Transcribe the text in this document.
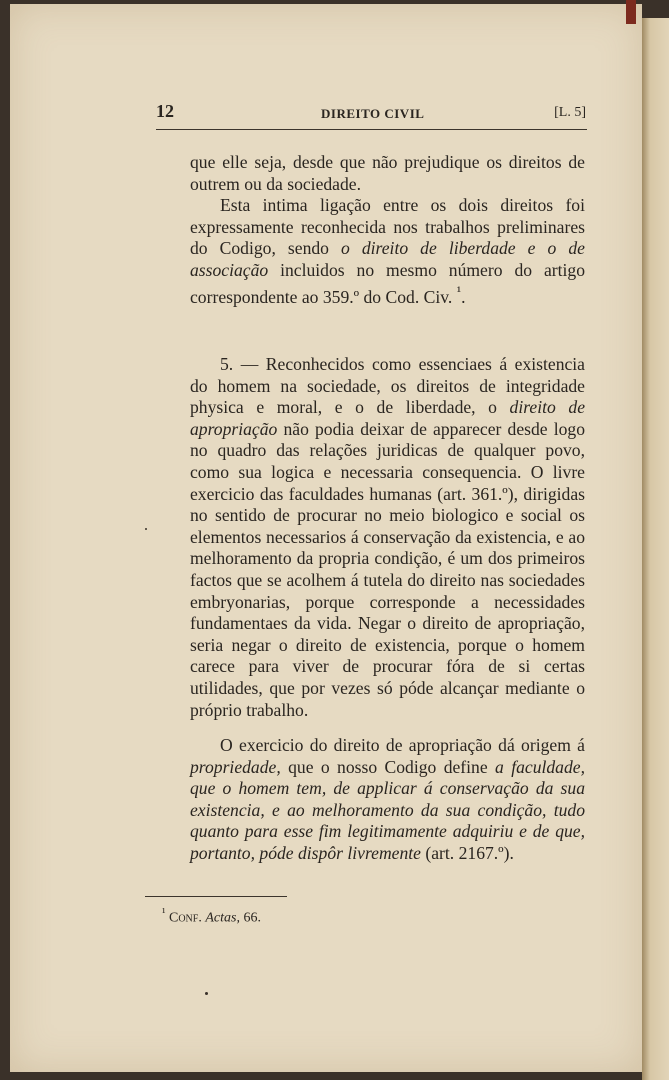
12	DIREITO CIVIL	[L. 5]

que elle seja, desde que não prejudique os direitos de outrem ou da sociedade.

Esta intima ligação entre os dois direitos foi expressamente reconhecida nos trabalhos preliminares do Codigo, sendo o direito de liberdade e o de associação incluidos no mesmo número do artigo correspondente ao 359.º do Cod. Civ. $^{^1}$.

5. — Reconhecidos como essenciaes á existencia do homem na sociedade, os direitos de integridade physica e moral, e o de liberdade, o direito de apropriação não podia deixar de apparecer desde logo no quadro das relações juridicas de qualquer povo, como sua logica e necessaria consequencia. O livre exercicio das faculdades humanas (art. 361.º), dirigidas no sentido de procurar no meio biologico e social os elementos necessarios á conservação da existencia, e ao melhoramento da propria condição, é um dos primeiros factos que se acolhem á tutela do direito nas sociedades embryonarias, porque corresponde a necessidades fundamentaes da vida. Negar o direito de apropriação, seria negar o direito de existencia, porque o homem carece para viver de procurar fóra de si certas utilidades, que por vezes só póde alcançar mediante o próprio trabalho.

O exercicio do direito de apropriação dá origem á propriedade, que o nosso Codigo define a faculdade, que o homem tem, de applicar á conservação da sua existencia, e ao melhoramento da sua condição, tudo quanto para esse fim legitimamente adquiriu e de que, portanto, póde dispôr livremente (art. 2167.º).

$^{^1}$ Conf. Actas, 66.
